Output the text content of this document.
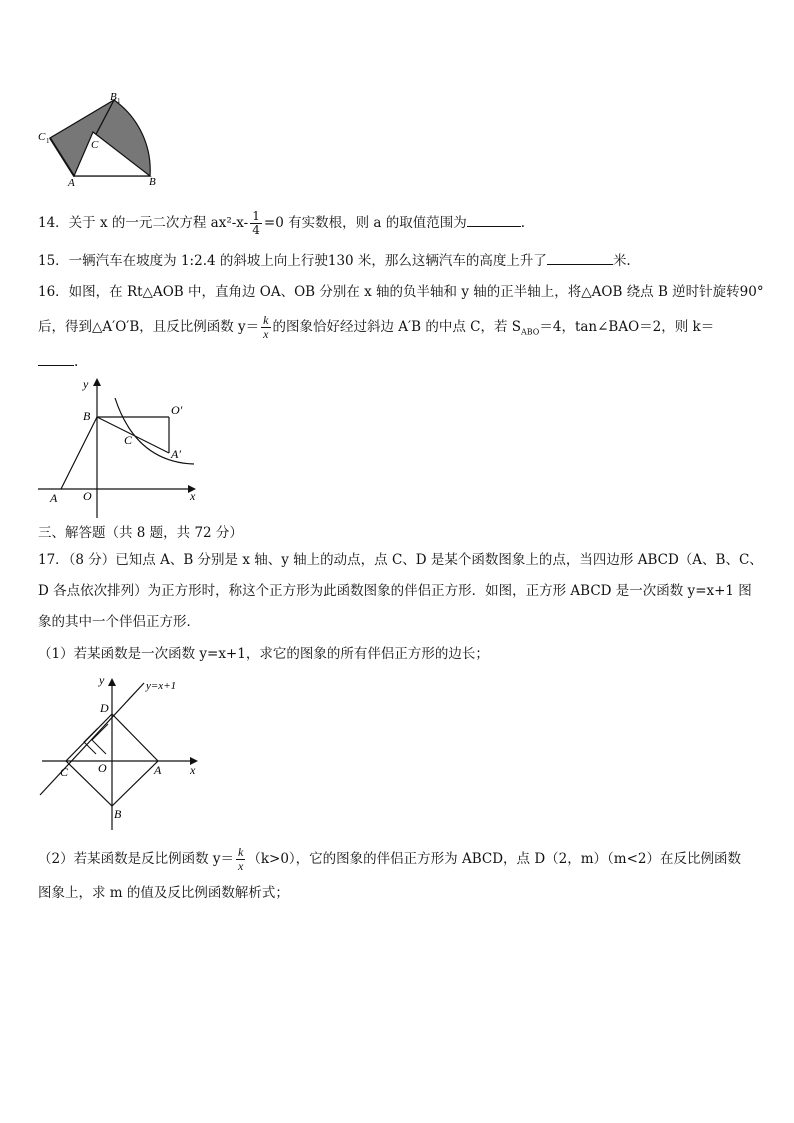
C 1
B 1
C
A	B
14．关于 x 的一元二次方程 $ax^2-x- \frac{1}{4} =0$ 有实数根，则 a 的取值范围为	.
15．一辆汽车在坡度为 1:2.4 的斜坡上向上行驶130 米，那么这辆汽车的高度上升了	米.
16．如图，在 Rt△AOB 中，直角边 OA、OB 分别在 x 轴的负半轴和 y 轴的正半轴上，将△AOB 绕点 B 逆时针旋转90°
后，得到△A′O′B，且反比例函数 $y= \frac{k}{x}$ 的图象恰好经过斜边 A′B 的中点 C，若 $S_{ABO}=4$，tan∠BAO＝2，则 k＝
.
y
x
B	O′
C
A′
A O
三、解答题（共 8 题，共 72 分）
17．（8 分）已知点 A、B 分别是 x 轴、y 轴上的动点，点 C、D 是某个函数图象上的点，当四边形 ABCD（A、B、C、
D 各点依次排列）为正方形时，称这个正方形为此函数图象的伴侣正方形．如图，正方形 ABCD 是一次函数 y=x+1 图
象的其中一个伴侣正方形．
（1）若某函数是一次函数 y=x+1，求它的图象的所有伴侣正方形的边长；
y=x+1
y
x
D
C O	A
B
（2）若某函数是反比例函数 $y= \frac{k}{x} (k>0)$，它的图象的伴侣正方形为 ABCD，点 D（2，m）（m<2）在反比例函数
图象上，求 m 的值及反比例函数解析式；
